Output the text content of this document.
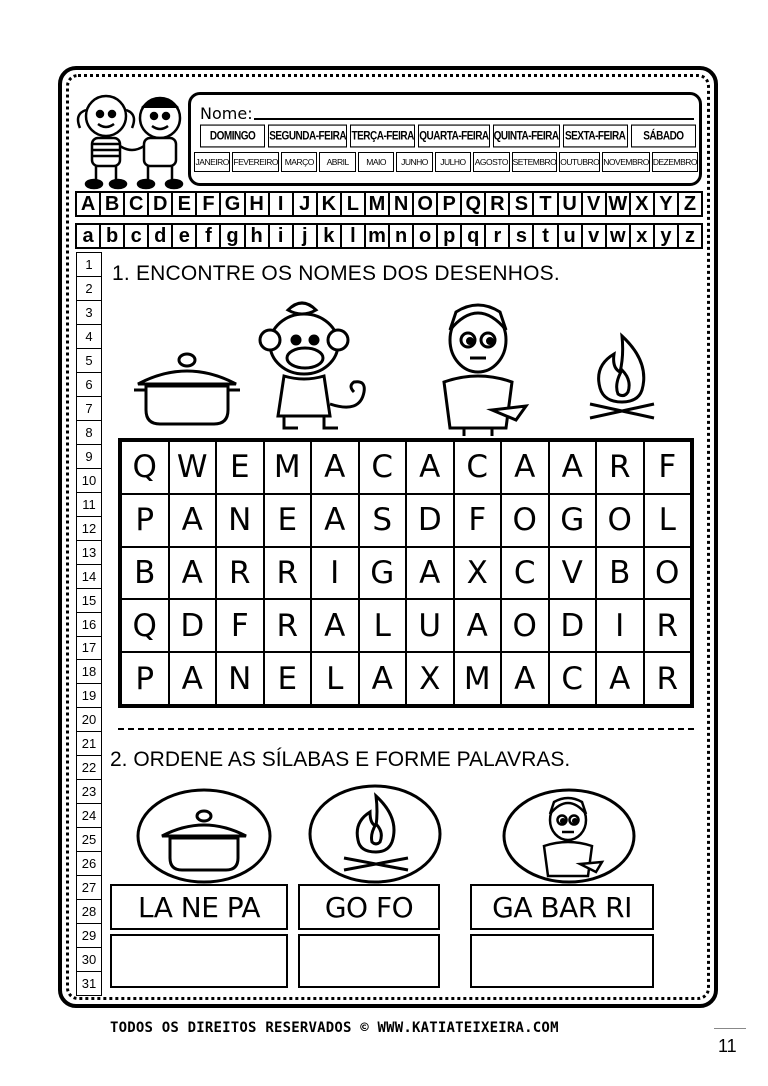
Nome:
DOMINGO	SEGUNDA-FEIRA TERÇA-FEIRA QUARTA-FEIRA QUINTA-FEIRA SEXTA-FEIRA	SÁBADO
JANEIRO FEVEREIRO MARÇO	ABRIL	MAIO	JUNHO	JULHO	AGOSTO SETEMBRO OUTUBRO NOVEMBRO DEZEMBRO
A B C D E F G H I J K L M N O P Q R S T U V W X Y Z
a b c d e f g h i j k l m n o p q r s t u v w x y z
1
2
3
4
5
6
7
8
9
10
11
12
13
14
15
16
17
18
19
20
21
22
23
24
25
26
27
28
29
30
31
1. ENCONTRE OS NOMES DOS DESENHOS.
Q W E M A C A C A A R F
P A N E A S D F O G O L
B A R R	I G A X C V B O
Q D F R A L U A O D I	R
P A N E L A X M A C A R
2. ORDENE AS SÍLABAS E FORME PALAVRAS.
LA NE PA	GO FO	GA BAR RI
TODOS OS DIREITOS RESERVADOS © WWW.KATIATEIXEIRA.COM
11
